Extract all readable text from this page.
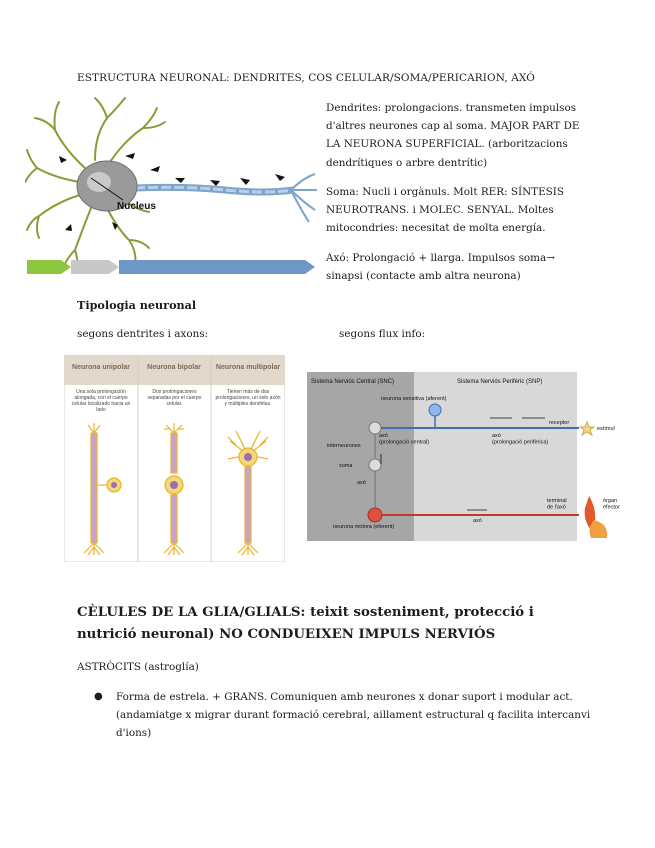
ESTRUCTURA NEURONAL: DENDRITES, COS CELULAR/SOMA/PERICARION, AXÓ
Nucleus
Dendrites: prolongacions. transmeten impulsos d'altres neurones cap al soma. MAJOR PART DE LA NEURONA SUPERFICIAL. (arboritzacions dendrítiques o arbre dentrític)
Soma: Nucli i orgànuls. Molt RER: SÍNTESIS NEUROTRANS. i MOLEC. SENYAL. Moltes mitocondries: necesitat de molta energía.
Axó: Prolongació + llarga. Impulsos soma→ sinapsi (contacte amb altra neurona)
Tipologia neuronal
segons dentrites i axons:	segons flux info:
Neurona unipolar Neurona bipolar Neurona multipolar
Una sola prolongación alongada, con el cuerpo celular localizado hacia un lado
Dos prolongaciones separadas por el cuerpo celular.
Tienen más de dos prolongaciones, un solo axón y múltiples dendritas.
Sistema Nerviós Central (SNC)	Sistema Nerviós Perifèric (SNP)
neurona sensitiva (aferent)
receptor
estímul
axó (prolongació central)
axó (prolongació perifèrica)
interneurones
soma
axó
neurona motora (eferent)
axó
terminal de l'axó
òrgan efector
CÈLULES DE LA GLIA/GLIALS: teixit sosteniment, protecció i nutrició neuronal) NO CONDUEIXEN IMPULS NERVIÓS
ASTRÒCITS (astroglía)
● Forma de estrela. + GRANS. Comuniquen amb neurones x donar suport i modular act. (andamiatge x migrar durant formació cerebral, aillament estructural q facilita intercanvi d'ions)
